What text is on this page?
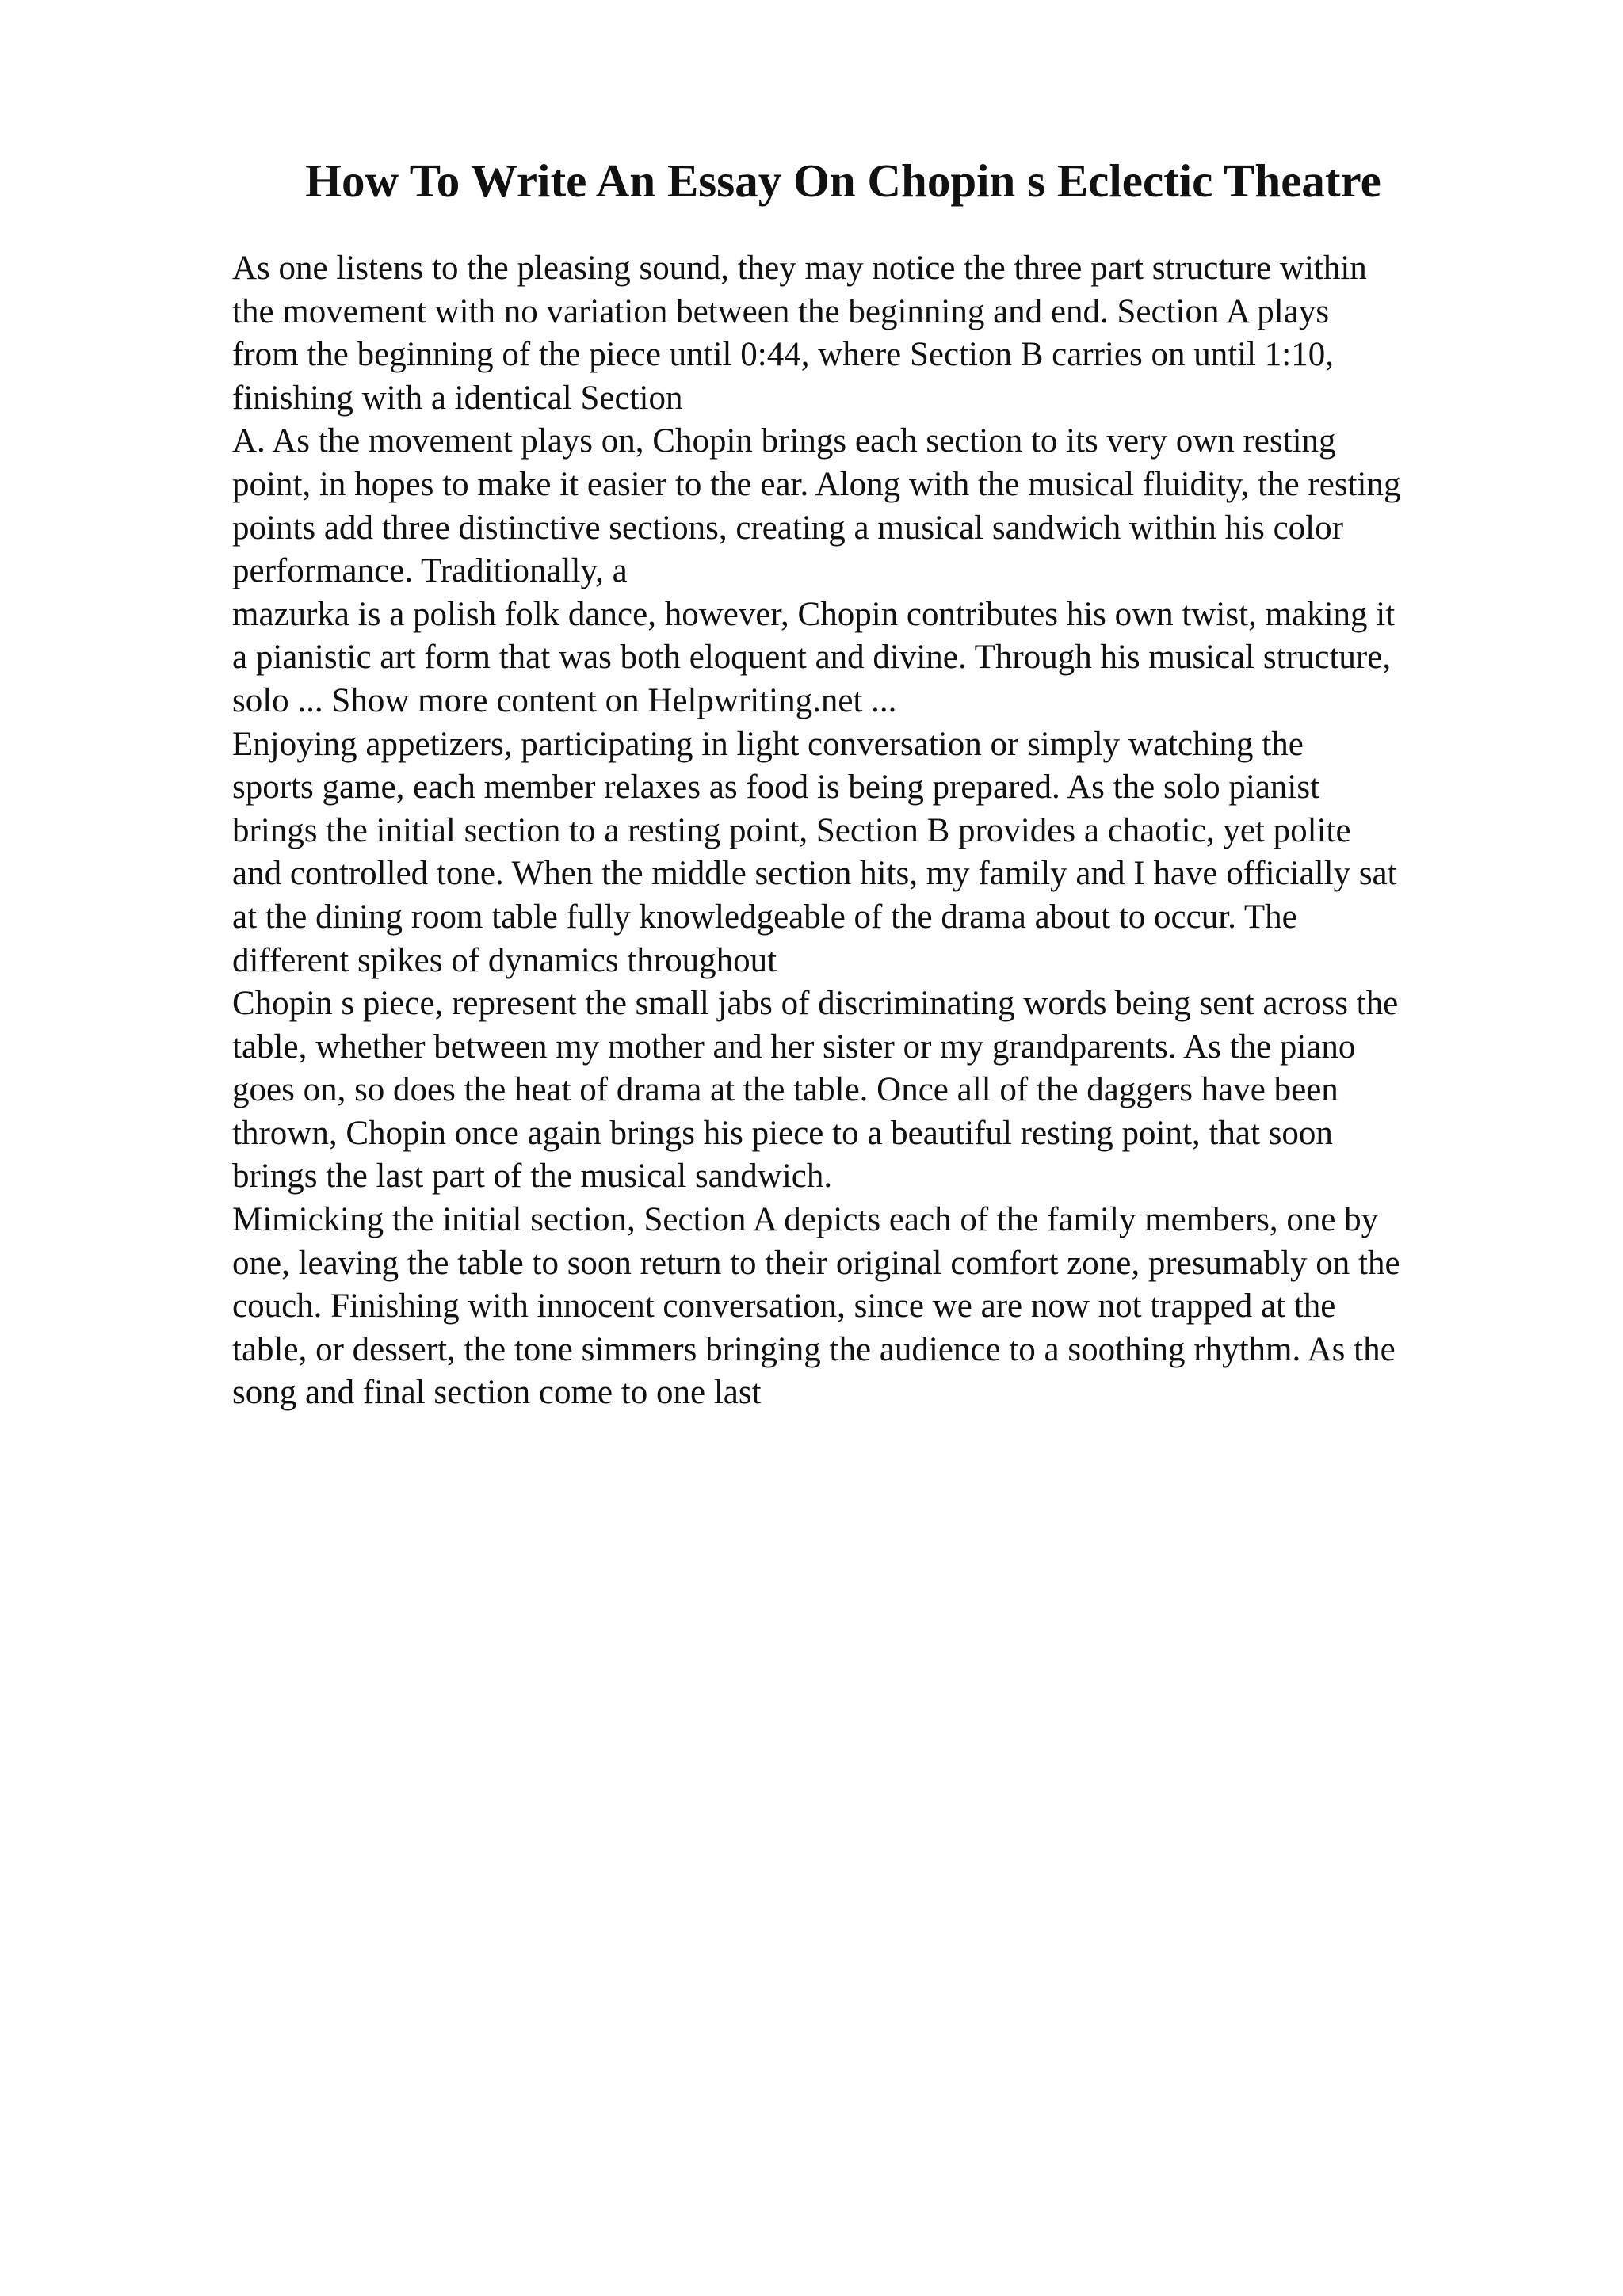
How To Write An Essay On Chopin s Eclectic Theatre
As one listens to the pleasing sound, they may notice the three part structure within
the movement with no variation between the beginning and end. Section A plays
from the beginning of the piece until 0:44, where Section B carries on until 1:10,
finishing with a identical Section
A. As the movement plays on, Chopin brings each section to its very own resting
point, in hopes to make it easier to the ear. Along with the musical fluidity, the resting
points add three distinctive sections, creating a musical sandwich within his color
performance. Traditionally, a
mazurka is a polish folk dance, however, Chopin contributes his own twist, making it
a pianistic art form that was both eloquent and divine. Through his musical structure,
solo ... Show more content on Helpwriting.net ...
Enjoying appetizers, participating in light conversation or simply watching the
sports game, each member relaxes as food is being prepared. As the solo pianist
brings the initial section to a resting point, Section B provides a chaotic, yet polite
and controlled tone. When the middle section hits, my family and I have officially sat
at the dining room table fully knowledgeable of the drama about to occur. The
different spikes of dynamics throughout
Chopin s piece, represent the small jabs of discriminating words being sent across the
table, whether between my mother and her sister or my grandparents. As the piano
goes on, so does the heat of drama at the table. Once all of the daggers have been
thrown, Chopin once again brings his piece to a beautiful resting point, that soon
brings the last part of the musical sandwich.
Mimicking the initial section, Section A depicts each of the family members, one by
one, leaving the table to soon return to their original comfort zone, presumably on the
couch. Finishing with innocent conversation, since we are now not trapped at the
table, or dessert, the tone simmers bringing the audience to a soothing rhythm. As the
song and final section come to one last
